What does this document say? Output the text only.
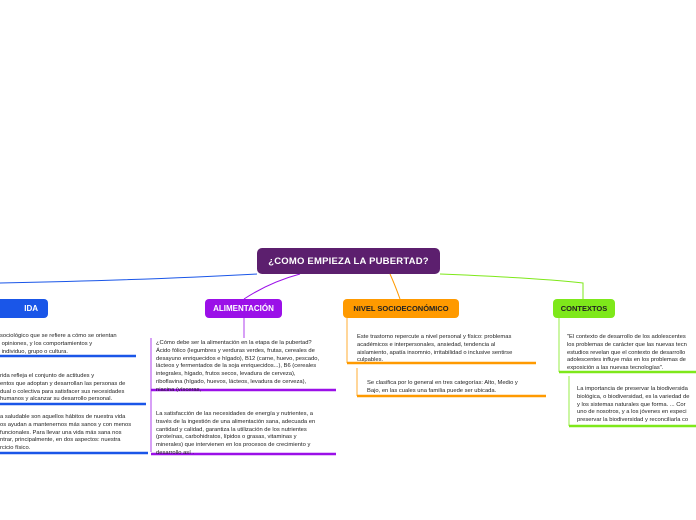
¿COMO EMPIEZA LA PUBERTAD?
IDA	ALIMENTACIÓN	NIVEL SOCIOECONÓMICO	CONTEXTOS
sociológico que se refiere a cómo se orientan
opiniones, y los comportamientos y
individuo, grupo o cultura.
rida refleja el conjunto de actitudes y
entos que adoptan y desarrollan las personas de
dual o colectiva para satisfacer sus necesidades
humanos y alcanzar su desarrollo personal.
a saludable son aquellos hábitos de nuestra vida
os ayudan a mantenernos más sanos y con menos
funcionales. Para llevar una vida más sana nos
ntrar, principalmente, en dos aspectos: nuestra
rcicio físico.
¿Cómo debe ser la alimentación en la etapa de la pubertad?
Ácido fólico (legumbres y verduras verdes, frutas, cereales de
desayuno enriquecidos e hígado), B12 (carne, huevo, pescado,
lácteos y fermentados de la soja enriquecidos...), B6 (cereales
integrales, hígado, frutos secos, levadura de cerveza),
riboflavina (hígado, huevos, lácteos, levadura de cerveza),
niacina (vísceras,
La satisfacción de las necesidades de energía y nutrientes, a
través de la ingestión de una alimentación sana, adecuada en
cantidad y calidad, garantiza la utilización de los nutrientes
(proteínas, carbohidratos, lípidos o grasas, vitaminas y
minerales) que intervienen en los procesos de crecimiento y
desarrollo así .
Este trastorno repercute a nivel personal y físico: problemas
académicos e interpersonales, ansiedad, tendencia al
aislamiento, apatía insomnio, irritabilidad o inclusive sentirse
culpables.
Se clasifica por lo general en tres categorías: Alto, Medio y
Bajo, en las cuales una familia puede ser ubicada.
"El contexto de desarrollo de los adolescentes
los problemas de carácter que las nuevas tecn
estudios revelan que el contexto de desarrollo
adolescentes influye más en los problemas de
exposición a las nuevas tecnologías".
La importancia de preservar la biodiversida
biológica, o biodiversidad, es la variedad de
y los sistemas naturales que forma. ... Cor
uno de nosotros, y a los jóvenes en especi
preservar la biodiversidad y reconciliarla co
